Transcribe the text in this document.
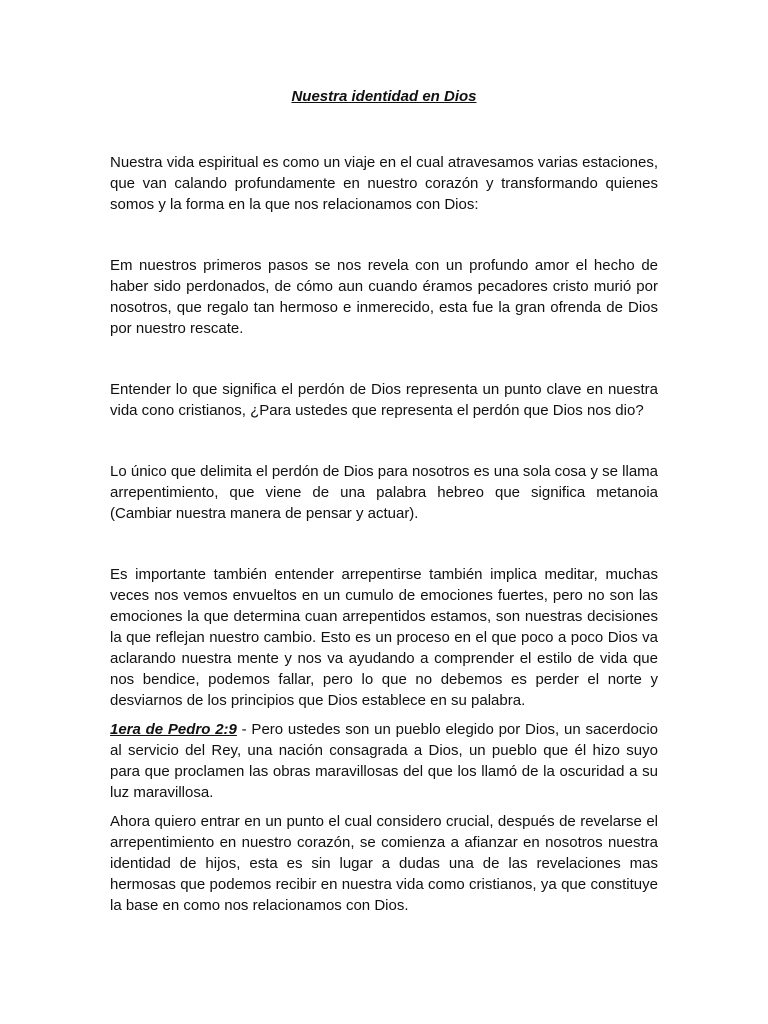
Nuestra identidad en Dios

Nuestra vida espiritual es como un viaje en el cual atravesamos varias estaciones, que van calando profundamente en nuestro corazón y transformando quienes somos y la forma en la que nos relacionamos con Dios:

Em nuestros primeros pasos se nos revela con un profundo amor el hecho de haber sido perdonados, de cómo aun cuando éramos pecadores cristo murió por nosotros, que regalo tan hermoso e inmerecido, esta fue la gran ofrenda de Dios por nuestro rescate.

Entender lo que significa el perdón de Dios representa un punto clave en nuestra vida cono cristianos, ¿Para ustedes que representa el perdón que Dios nos dio?

Lo único que delimita el perdón de Dios para nosotros es una sola cosa y se llama arrepentimiento, que viene de una palabra hebreo que significa metanoia (Cambiar nuestra manera de pensar y actuar).

Es importante también entender arrepentirse también implica meditar, muchas veces nos vemos envueltos en un cumulo de emociones fuertes, pero no son las emociones la que determina cuan arrepentidos estamos, son nuestras decisiones la que reflejan nuestro cambio. Esto es un proceso en el que poco a poco Dios va aclarando nuestra mente y nos va ayudando a comprender el estilo de vida que nos bendice, podemos fallar, pero lo que no debemos es perder el norte y desviarnos de los principios que Dios establece en su palabra.

1era de Pedro 2:9 - Pero ustedes son un pueblo elegido por Dios, un sacerdocio al servicio del Rey, una nación consagrada a Dios, un pueblo que él hizo suyo para que proclamen las obras maravillosas del que los llamó de la oscuridad a su luz maravillosa.

Ahora quiero entrar en un punto el cual considero crucial, después de revelarse el arrepentimiento en nuestro corazón, se comienza a afianzar en nosotros nuestra identidad de hijos, esta es sin lugar a dudas una de las revelaciones mas hermosas que podemos recibir en nuestra vida como cristianos, ya que constituye la base en como nos relacionamos con Dios.
